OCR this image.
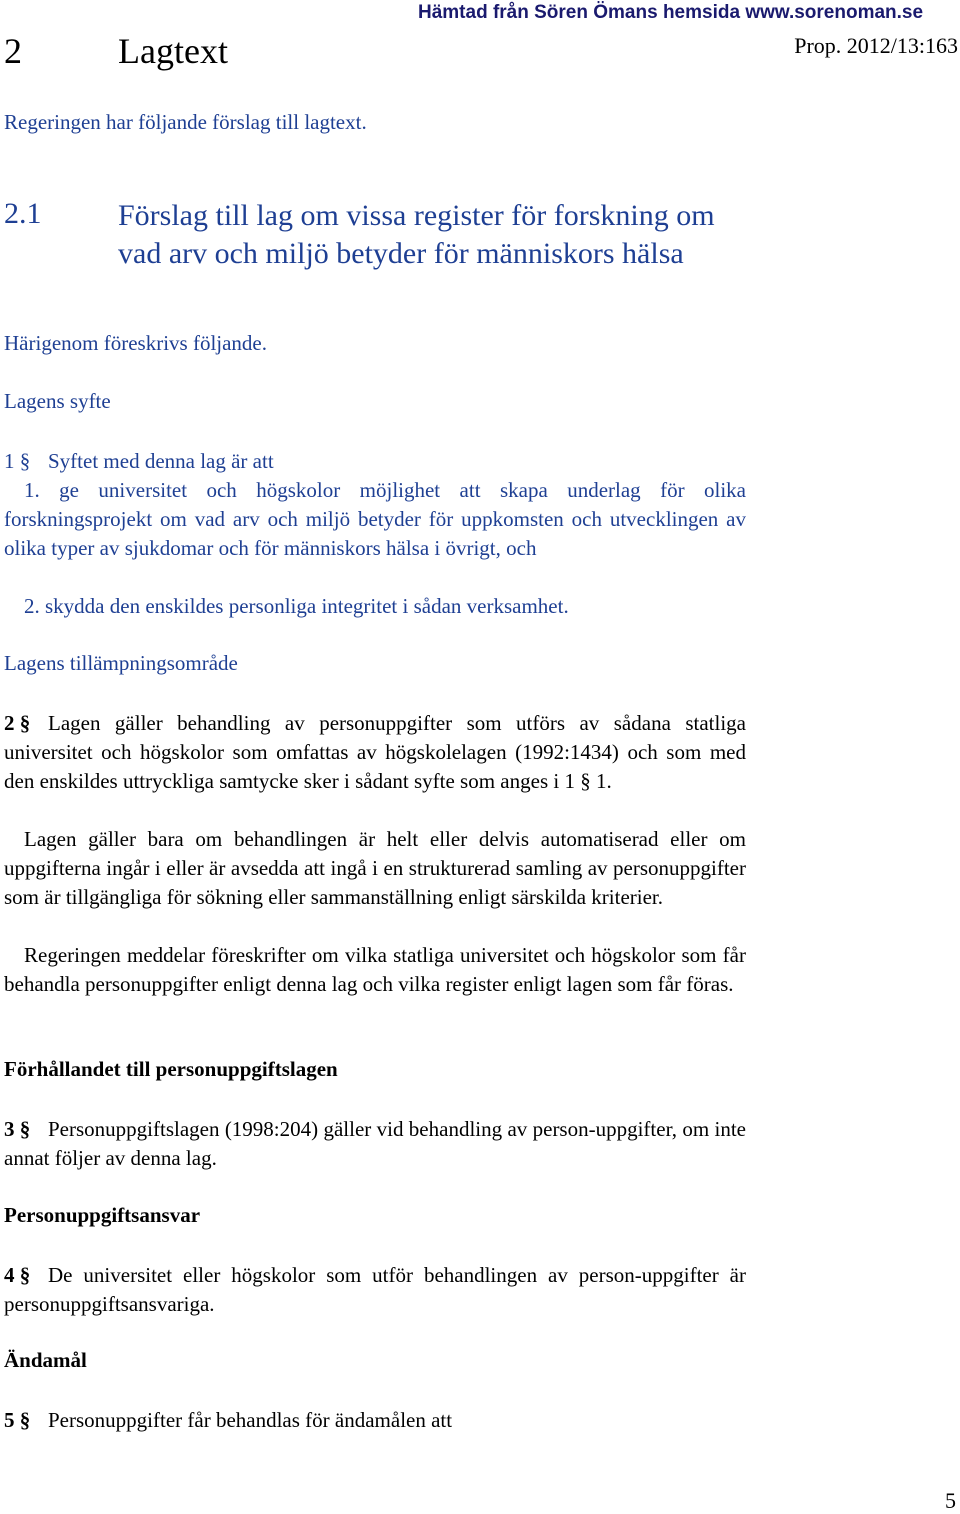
2	Lagtext
Hämtad från Sören Ömans hemsida www.sorenoman.se
Prop. 2012/13:163
Regeringen har följande förslag till lagtext.
2.1	Förslag till lag om vissa register för forskning om vad arv och miljö betyder för människors hälsa
Härigenom föreskrivs följande.
Lagens syfte
1 § Syftet med denna lag är att
1. ge universitet och högskolor möjlighet att skapa underlag för olika forskningsprojekt om vad arv och miljö betyder för uppkomsten och utvecklingen av olika typer av sjukdomar och för människors hälsa i övrigt, och
2. skydda den enskildes personliga integritet i sådan verksamhet.
Lagens tillämpningsområde
2 § Lagen gäller behandling av personuppgifter som utförs av sådana statliga universitet och högskolor som omfattas av högskolelagen (1992:1434) och som med den enskildes uttryckliga samtycke sker i sådant syfte som anges i 1 § 1.
Lagen gäller bara om behandlingen är helt eller delvis automatiserad eller om uppgifterna ingår i eller är avsedda att ingå i en strukturerad samling av personuppgifter som är tillgängliga för sökning eller sammanställning enligt särskilda kriterier.
Regeringen meddelar föreskrifter om vilka statliga universitet och högskolor som får behandla personuppgifter enligt denna lag och vilka register enligt lagen som får föras.
Förhållandet till personuppgiftslagen
3 § Personuppgiftslagen (1998:204) gäller vid behandling av person-uppgifter, om inte annat följer av denna lag.
Personuppgiftsansvar
4 § De universitet eller högskolor som utför behandlingen av person-uppgifter är personuppgiftsansvariga.
Ändamål
5 § Personuppgifter får behandlas för ändamålen att
5
